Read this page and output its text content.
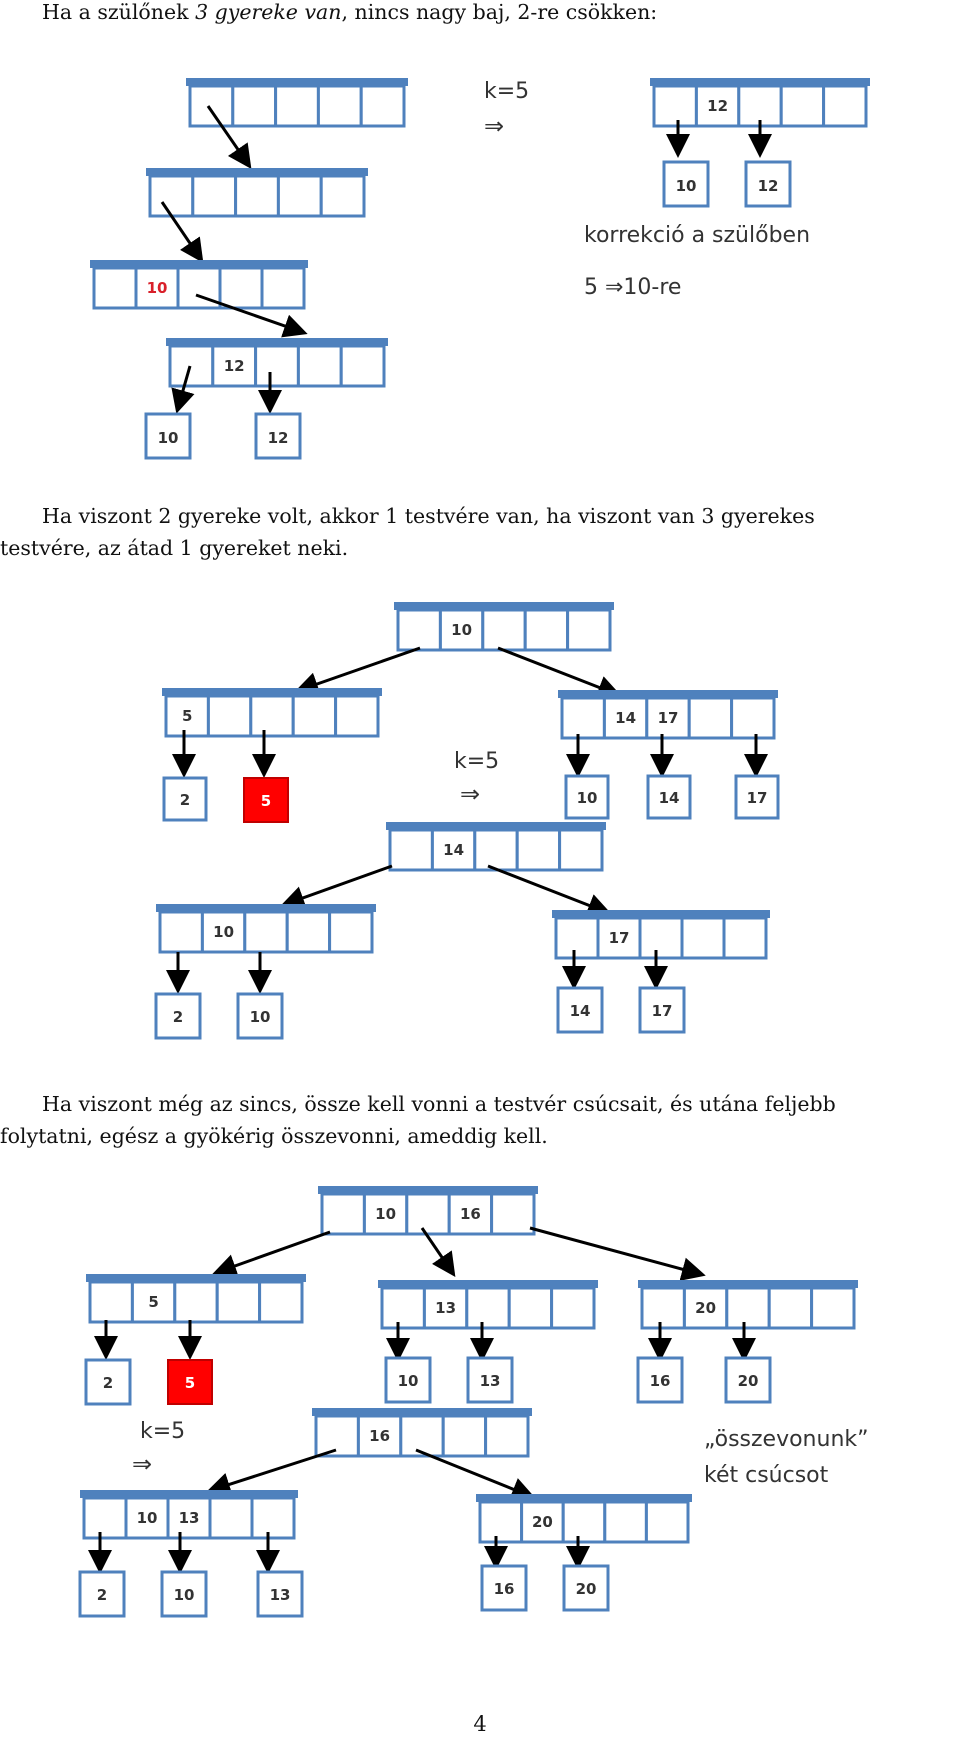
Ha a szülőnek 3 gyereke van, nincs nagy baj, 2-re csökken:
10
12
10	12
k=5
⇒
12
10	12
korrekció a szülőben
5 ⇒10-re
Ha viszont 2 gyereke volt, akkor 1 testvére van, ha viszont van 3 gyerekes
testvére, az átad 1 gyereket neki.
10
5
2	5
k=5
⇒
14 17
10	14	17
14
10
2	10
17
14	17
Ha viszont még az sincs, össze kell vonni a testvér csúcsait, és utána feljebb
folytatni, egész a gyökérig összevonni, ameddig kell.
10	16
5
2	5
13
10	13
20
16	20
k=5
⇒
16	„összevonunk”
két csúcsot
10 13
2	10	13
20
16	20
4
